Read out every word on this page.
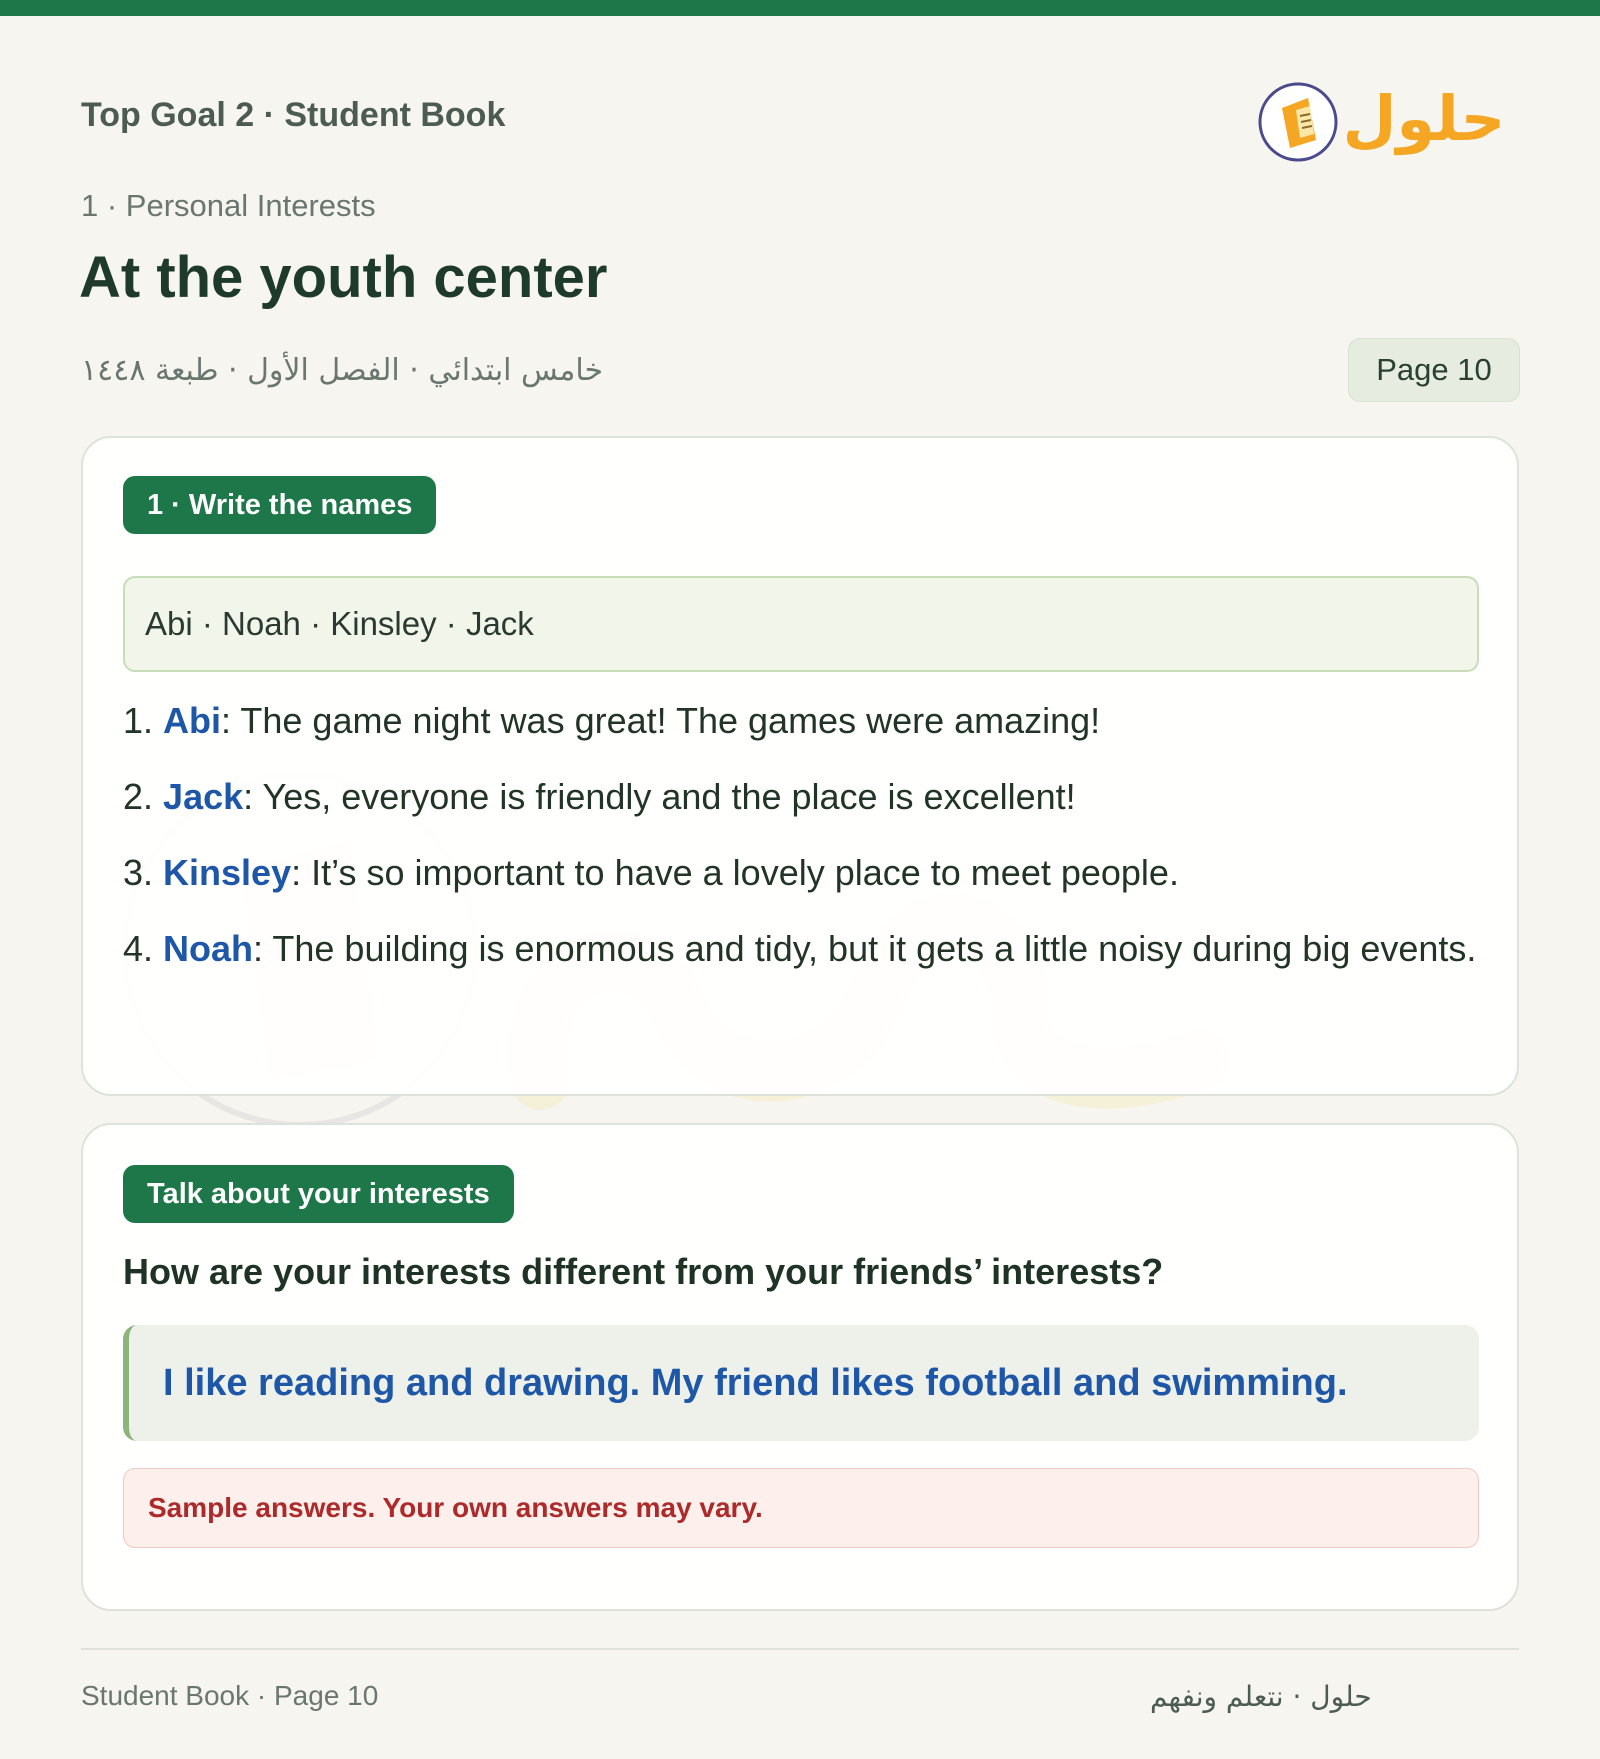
Top Goal 2 · Student Book	حلول
1 · Personal Interests
At the youth center
خامس ابتدائي · الفصل الأول · طبعة ١٤٤٨	Page 10
1 · Write the names
Abi · Noah · Kinsley · Jack
1. Abi: The game night was great! The games were amazing!
2. Jack: Yes, everyone is friendly and the place is excellent!
3. Kinsley: It’s so important to have a lovely place to meet people.
4. Noah: The building is enormous and tidy, but it gets a little noisy during big events.
Talk about your interests
How are your interests different from your friends’ interests?
I like reading and drawing. My friend likes football and swimming.
Sample answers. Your own answers may vary.
Student Book · Page 10	حلول · نتعلم ونفهم
